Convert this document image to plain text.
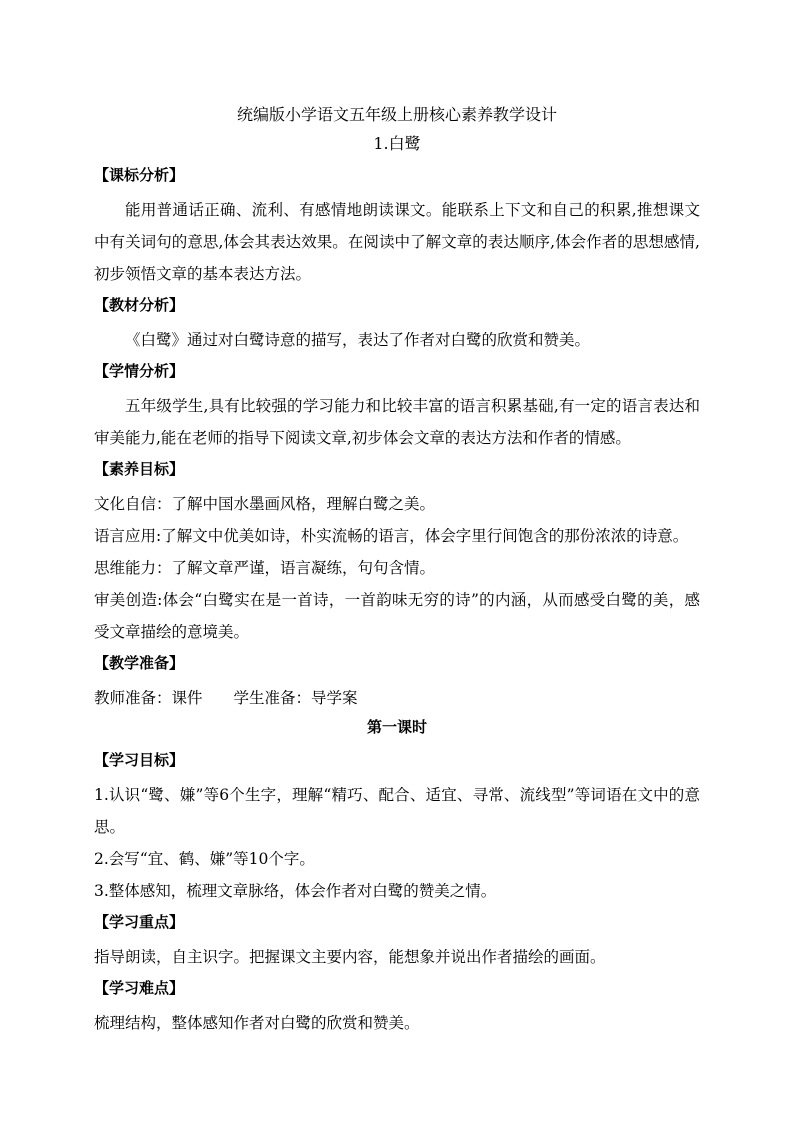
统编版小学语文五年级上册核心素养教学设计
1.白鹭
【课标分析】

能用普通话正确、流利、有感情地朗读课文。能联系上下文和自己的积累,推想课文中有关词句的意思,体会其表达效果。在阅读中了解文章的表达顺序,体会作者的思想感情,初步领悟文章的基本表达方法。

【教材分析】

《白鹭》通过对白鹭诗意的描写，表达了作者对白鹭的欣赏和赞美。

【学情分析】

五年级学生,具有比较强的学习能力和比较丰富的语言积累基础,有一定的语言表达和审美能力,能在老师的指导下阅读文章,初步体会文章的表达方法和作者的情感。

【素养目标】

文化自信：了解中国水墨画风格，理解白鹭之美。

语言应用:了解文中优美如诗，朴实流畅的语言，体会字里行间饱含的那份浓浓的诗意。

思维能力：了解文章严谨，语言凝练，句句含情。

审美创造:体会“白鹭实在是一首诗，一首韵味无穷的诗”的内涵，从而感受白鹭的美，感受文章描绘的意境美。

【教学准备】

教师准备：课件　　学生准备：导学案

第一课时
【学习目标】

1.认识“鹭、嫌”等6个生字，理解“精巧、配合、适宜、寻常、流线型”等词语在文中的意思。

2.会写“宜、鹤、嫌”等10个字。

3.整体感知，梳理文章脉络，体会作者对白鹭的赞美之情。

【学习重点】

指导朗读，自主识字。把握课文主要内容，能想象并说出作者描绘的画面。

【学习难点】

梳理结构，整体感知作者对白鹭的欣赏和赞美。
